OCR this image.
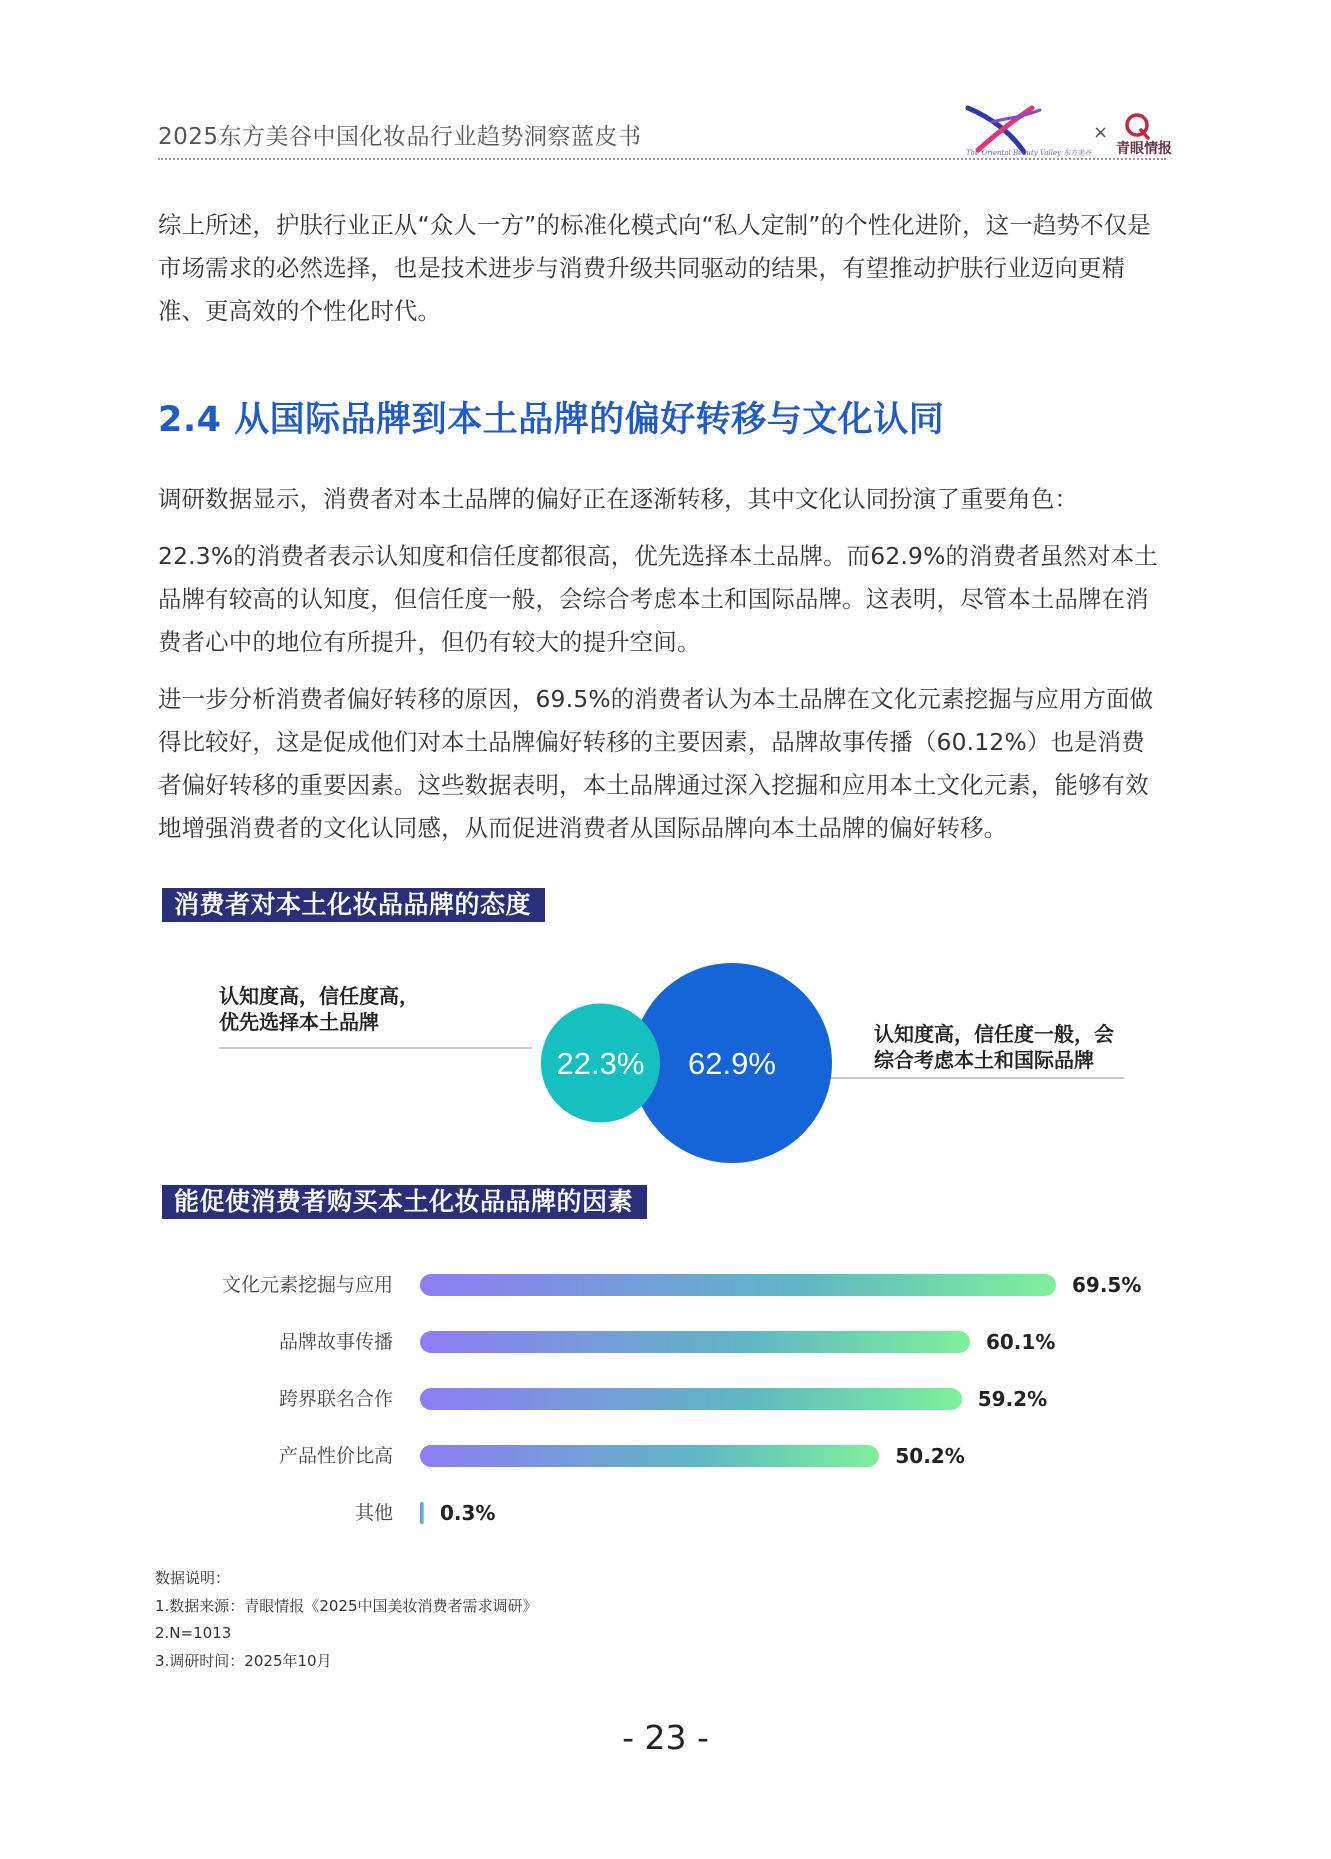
2025东方美谷中国化妆品行业趋势洞察蓝皮书
The Oriental Beauty Valley 东方美谷
×
青眼情报

综上所述，护肤行业正从“众人一方”的标准化模式向“私人定制”的个性化进阶，这一趋势不仅是市场需求的必然选择，也是技术进步与消费升级共同驱动的结果，有望推动护肤行业迈向更精准、更高效的个性化时代。

2.4 从国际品牌到本土品牌的偏好转移与文化认同

调研数据显示，消费者对本土品牌的偏好正在逐渐转移，其中文化认同扮演了重要角色：

22.3%的消费者表示认知度和信任度都很高，优先选择本土品牌。而62.9%的消费者虽然对本土品牌有较高的认知度，但信任度一般，会综合考虑本土和国际品牌。这表明，尽管本土品牌在消费者心中的地位有所提升，但仍有较大的提升空间。

进一步分析消费者偏好转移的原因，69.5%的消费者认为本土品牌在文化元素挖掘与应用方面做得比较好，这是促成他们对本土品牌偏好转移的主要因素，品牌故事传播（60.12%）也是消费者偏好转移的重要因素。这些数据表明，本土品牌通过深入挖掘和应用本土文化元素，能够有效地增强消费者的文化认同感，从而促进消费者从国际品牌向本土品牌的偏好转移。

消费者对本土化妆品品牌的态度
22.3% 62.9%
认知度高，信任度高，
优先选择本土品牌	认知度高，信任度一般，会
综合考虑本土和国际品牌
能促使消费者购买本土化妆品品牌的因素
文化元素挖掘与应用	69.5%
品牌故事传播	60.1%
跨界联名合作	59.2%
产品性价比高	50.2%
其他 0.3%
数据说明：
1.数据来源：青眼情报《2025中国美妆消费者需求调研》
2.N=1013
3.调研时间：2025年10月
- 23 -
